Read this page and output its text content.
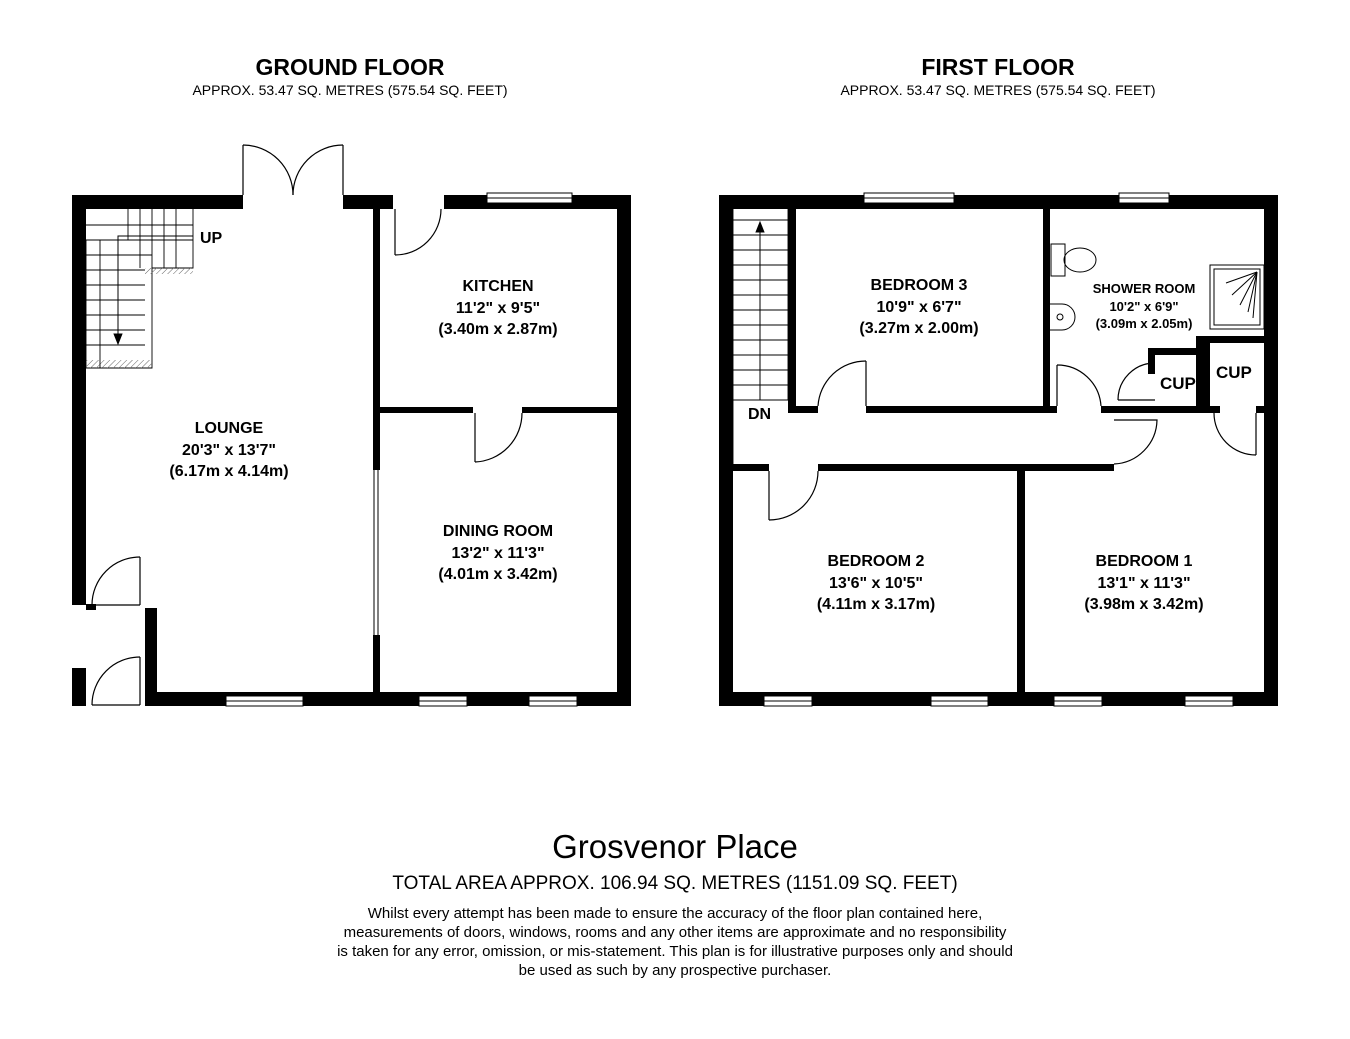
GROUND FLOOR
APPROX. 53.47 SQ. METRES (575.54 SQ. FEET)
FIRST FLOOR
APPROX. 53.47 SQ. METRES (575.54 SQ. FEET)
UP
LOUNGE
20'3" x 13'7"
(6.17m x 4.14m)
KITCHEN
11'2" x 9'5"
(3.40m x 2.87m)
DINING ROOM
13'2" x 11'3"
(4.01m x 3.42m)
DN
CUP
CUP
BEDROOM 3
10'9" x 6'7"
(3.27m x 2.00m)
SHOWER ROOM
10'2" x 6'9"
(3.09m x 2.05m)
BEDROOM 2
13'6" x 10'5"
(4.11m x 3.17m)
BEDROOM 1
13'1" x 11'3"
(3.98m x 3.42m)
Grosvenor Place
TOTAL AREA APPROX. 106.94 SQ. METRES (1151.09 SQ. FEET)
Whilst every attempt has been made to ensure the accuracy of the floor plan contained here,
measurements of doors, windows, rooms and any other items are approximate and no responsibility
is taken for any error, omission, or mis-statement. This plan is for illustrative purposes only and should
be used as such by any prospective purchaser.
